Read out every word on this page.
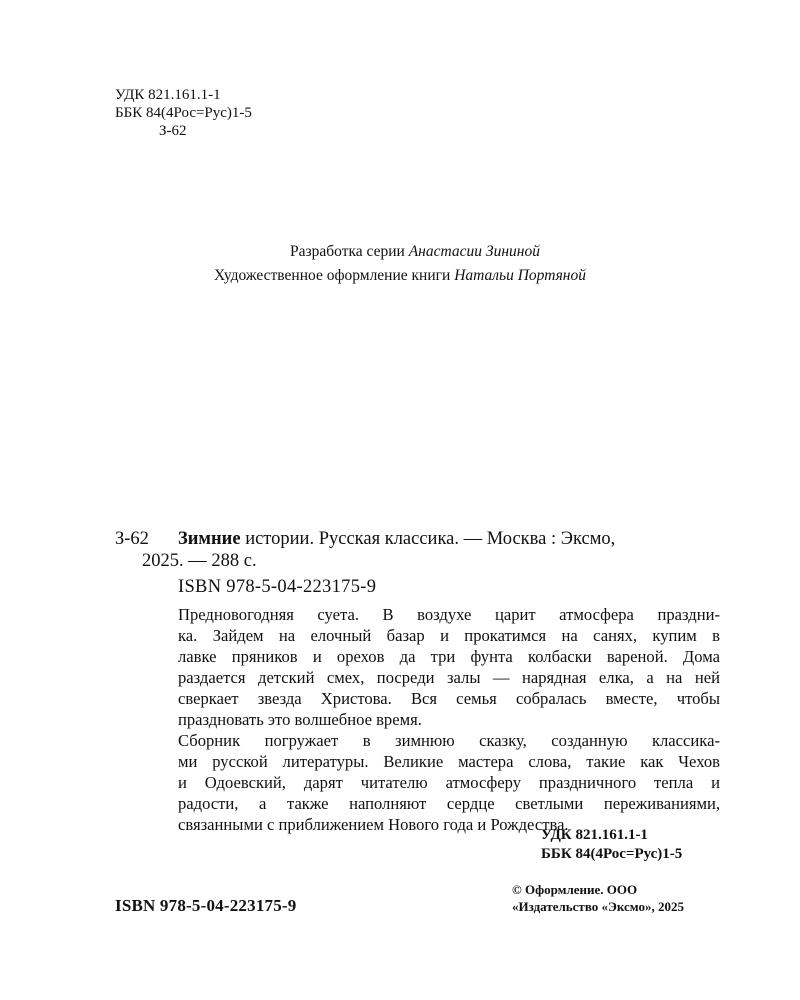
УДК 821.161.1-1
ББК 84(4Рос=Рус)1-5
З-62
Разработка серии Анастасии Зининой
Художественное оформление книги Натальи Портяной
З-62 Зимние истории. Русская классика. — Москва : Эксмо,
2025. — 288 с.
ISBN 978-5-04-223175-9
Предновогодняя суета. В воздухе царит атмосфера праздни-
ка. Зайдем на елочный базар и прокатимся на санях, купим в
лавке пряников и орехов да три фунта колбаски вареной. Дома
раздается детский смех, посреди залы — нарядная елка, а на ней
сверкает звезда Христова. Вся семья собралась вместе, чтобы
праздновать это волшебное время.
Сборник погружает в зимнюю сказку, созданную классика-
ми русской литературы. Великие мастера слова, такие как Чехов
и Одоевский, дарят читателю атмосферу праздничного тепла и
радости, а также наполняют сердце светлыми переживаниями,
связанными с приближением Нового года и Рождества.
УДК 821.161.1-1
ББК 84(4Рос=Рус)1-5
© Оформление. ООО
«Издательство «Эксмо», 2025
ISBN 978-5-04-223175-9
